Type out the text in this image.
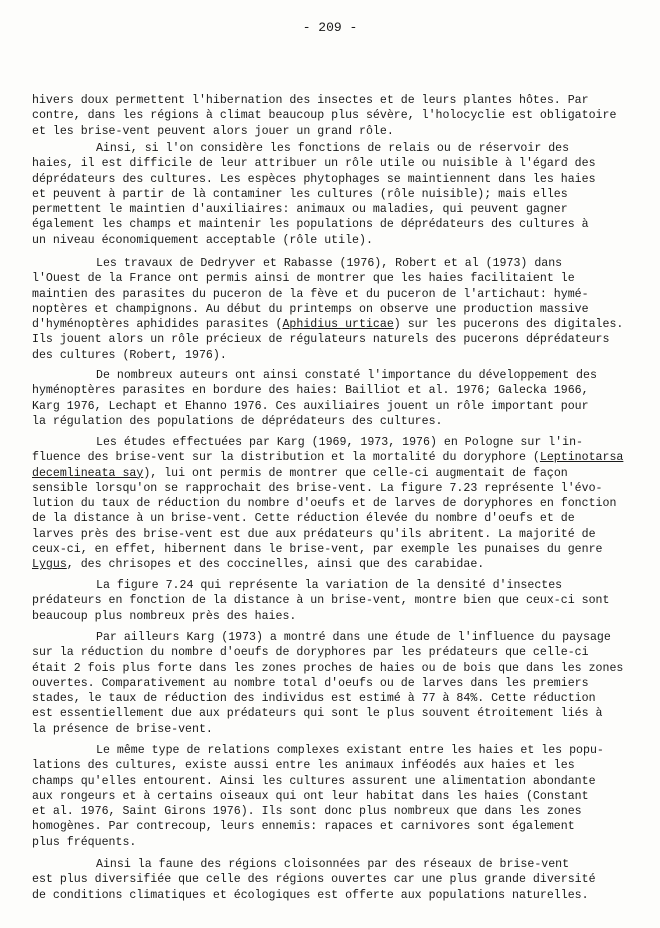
- 209 -
hivers doux permettent l'hibernation des insectes et de leurs plantes hôtes. Par
contre, dans les régions à climat beaucoup plus sévère, l'holocyclie est obligatoire
et les brise-vent peuvent alors jouer un grand rôle.
Ainsi, si l'on considère les fonctions de relais ou de réservoir des
haies, il est difficile de leur attribuer un rôle utile ou nuisible à l'égard des
déprédateurs des cultures. Les espèces phytophages se maintiennent dans les haies
et peuvent à partir de là contaminer les cultures (rôle nuisible); mais elles
permettent le maintien d'auxiliaires: animaux ou maladies, qui peuvent gagner
également les champs et maintenir les populations de déprédateurs des cultures à
un niveau économiquement acceptable (rôle utile).
Les travaux de Dedryver et Rabasse (1976), Robert et al (1973) dans
l'Ouest de la France ont permis ainsi de montrer que les haies facilitaient le
maintien des parasites du puceron de la fève et du puceron de l'artichaut: hymé-
noptères et champignons. Au début du printemps on observe une production massive
d'hyménoptères aphidides parasites (Aphidius urticae) sur les pucerons des digitales.
Ils jouent alors un rôle précieux de régulateurs naturels des pucerons déprédateurs
des cultures (Robert, 1976).
De nombreux auteurs ont ainsi constaté l'importance du développement des
hyménoptères parasites en bordure des haies: Bailliot et al. 1976; Galecka 1966,
Karg 1976, Lechapt et Ehanno 1976. Ces auxiliaires jouent un rôle important pour
la régulation des populations de déprédateurs des cultures.
Les études effectuées par Karg (1969, 1973, 1976) en Pologne sur l'in-
fluence des brise-vent sur la distribution et la mortalité du doryphore (Leptinotarsa
decemlineata say), lui ont permis de montrer que celle-ci augmentait de façon
sensible lorsqu'on se rapprochait des brise-vent. La figure 7.23 représente l'évo-
lution du taux de réduction du nombre d'oeufs et de larves de doryphores en fonction
de la distance à un brise-vent. Cette réduction élevée du nombre d'oeufs et de
larves près des brise-vent est due aux prédateurs qu'ils abritent. La majorité de
ceux-ci, en effet, hibernent dans le brise-vent, par exemple les punaises du genre
Lygus, des chrisopes et des coccinelles, ainsi que des carabidae.
La figure 7.24 qui représente la variation de la densité d'insectes
prédateurs en fonction de la distance à un brise-vent, montre bien que ceux-ci sont
beaucoup plus nombreux près des haies.
Par ailleurs Karg (1973) a montré dans une étude de l'influence du paysage
sur la réduction du nombre d'oeufs de doryphores par les prédateurs que celle-ci
était 2 fois plus forte dans les zones proches de haies ou de bois que dans les zones
ouvertes. Comparativement au nombre total d'oeufs ou de larves dans les premiers
stades, le taux de réduction des individus est estimé à 77 à 84%. Cette réduction
est essentiellement due aux prédateurs qui sont le plus souvent étroitement liés à
la présence de brise-vent.
Le même type de relations complexes existant entre les haies et les popu-
lations des cultures, existe aussi entre les animaux inféodés aux haies et les
champs qu'elles entourent. Ainsi les cultures assurent une alimentation abondante
aux rongeurs et à certains oiseaux qui ont leur habitat dans les haies (Constant
et al. 1976, Saint Girons 1976). Ils sont donc plus nombreux que dans les zones
homogènes. Par contrecoup, leurs ennemis: rapaces et carnivores sont également
plus fréquents.
Ainsi la faune des régions cloisonnées par des réseaux de brise-vent
est plus diversifiée que celle des régions ouvertes car une plus grande diversité
de conditions climatiques et écologiques est offerte aux populations naturelles.
